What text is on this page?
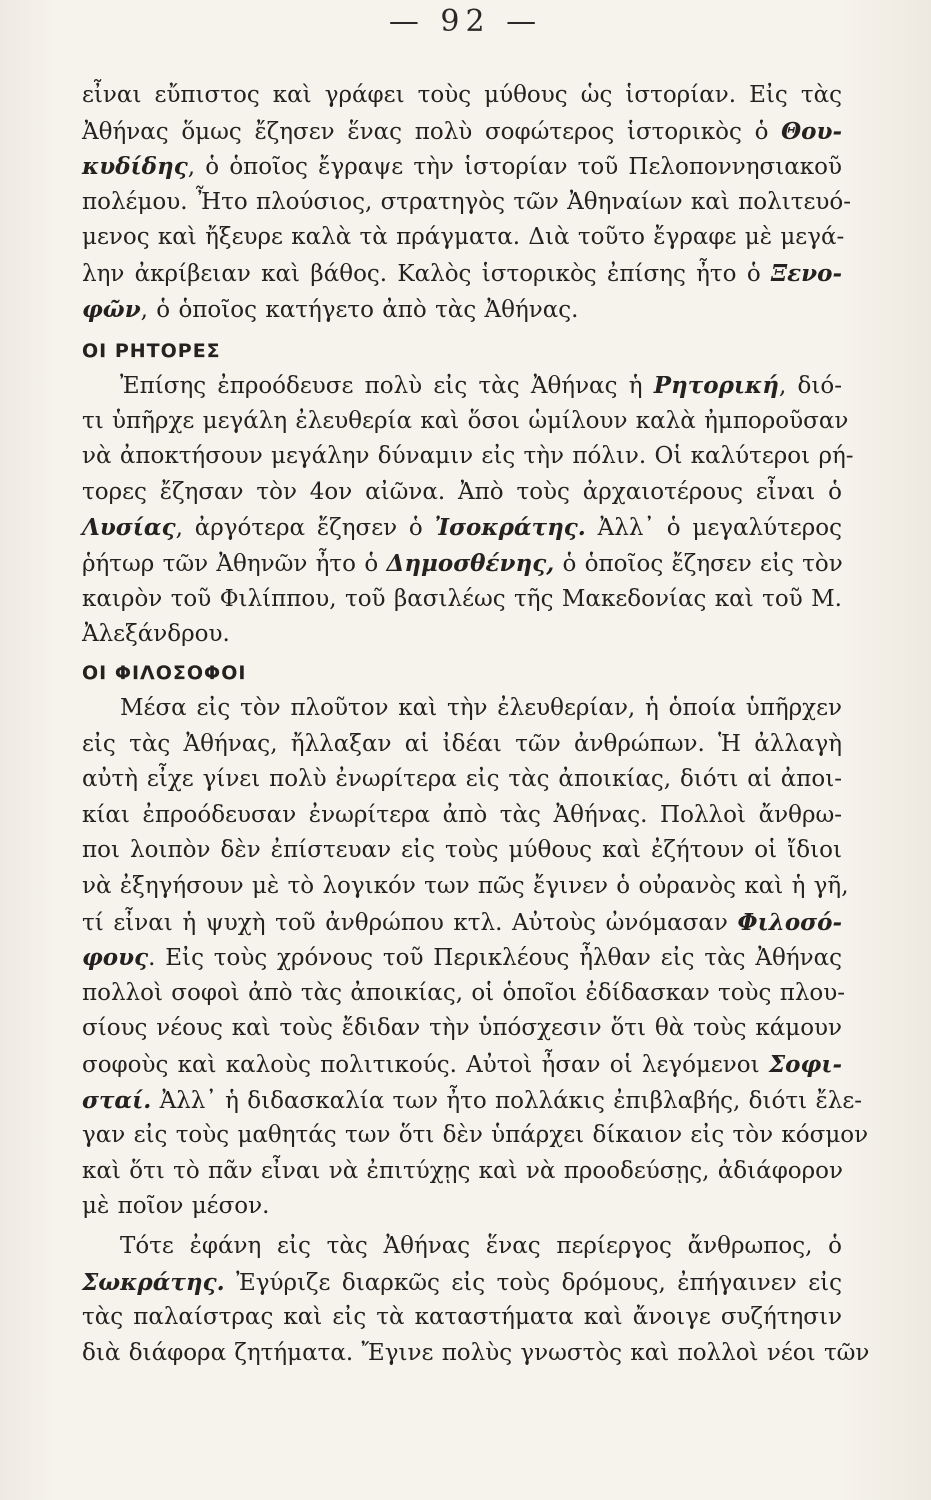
— 92 —
εἶναι εὔπιστος καὶ γράφει τοὺς μύθους ὡς ἱστορίαν. Εἰς τὰς
Ἀθήνας ὅμως ἔζησεν ἕνας πολὺ σοφώτερος ἱστορικὸς ὁ Θου-
κυδίδης, ὁ ὁποῖος ἔγραψε τὴν ἱστορίαν τοῦ Πελοποννησιακοῦ
πολέμου. Ἦτο πλούσιος, στρατηγὸς τῶν Ἀθηναίων καὶ πολιτευό-
μενος καὶ ἤξευρε καλὰ τὰ πράγματα. Διὰ τοῦτο ἔγραφε μὲ μεγά-
λην ἀκρίβειαν καὶ βάθος. Καλὸς ἱστορικὸς ἐπίσης ἦτο ὁ Ξενο-
φῶν, ὁ ὁποῖος κατήγετο ἀπὸ τὰς Ἀθήνας.
ΟΙ ΡΗΤΟΡΕΣ
Ἐπίσης ἐπροόδευσε πολὺ εἰς τὰς Ἀθήνας ἡ Ρητορική, διό-
τι ὑπῆρχε μεγάλη ἐλευθερία καὶ ὅσοι ὡμίλουν καλὰ ἠμποροῦσαν
νὰ ἀποκτήσουν μεγάλην δύναμιν εἰς τὴν πόλιν. Οἱ καλύτεροι ρή-
τορες ἔζησαν τὸν 4ον αἰῶνα. Ἀπὸ τοὺς ἀρχαιοτέρους εἶναι ὁ
Λυσίας, ἀργότερα ἔζησεν ὁ Ἰσοκράτης. Ἀλλ᾽ ὁ μεγαλύτερος
ῥήτωρ τῶν Ἀθηνῶν ἦτο ὁ Δημοσθένης, ὁ ὁποῖος ἔζησεν εἰς τὸν
καιρὸν τοῦ Φιλίππου, τοῦ βασιλέως τῆς Μακεδονίας καὶ τοῦ Μ.
Ἀλεξάνδρου.
ΟΙ ΦΙΛΟΣΟΦΟΙ
Μέσα εἰς τὸν πλοῦτον καὶ τὴν ἐλευθερίαν, ἡ ὁποία ὑπῆρχεν
εἰς τὰς Ἀθήνας, ἤλλαξαν αἱ ἰδέαι τῶν ἀνθρώπων. Ἡ ἀλλαγὴ
αὐτὴ εἶχε γίνει πολὺ ἐνωρίτερα εἰς τὰς ἀποικίας, διότι αἱ ἀποι-
κίαι ἐπροόδευσαν ἐνωρίτερα ἀπὸ τὰς Ἀθήνας. Πολλοὶ ἄνθρω-
ποι λοιπὸν δὲν ἐπίστευαν εἰς τοὺς μύθους καὶ ἐζήτουν οἱ ἴδιοι
νὰ ἐξηγήσουν μὲ τὸ λογικόν των πῶς ἔγινεν ὁ οὐρανὸς καὶ ἡ γῆ,
τί εἶναι ἡ ψυχὴ τοῦ ἀνθρώπου κτλ. Αὐτοὺς ὠνόμασαν Φιλοσό-
φους. Εἰς τοὺς χρόνους τοῦ Περικλέους ἦλθαν εἰς τὰς Ἀθήνας
πολλοὶ σοφοὶ ἀπὸ τὰς ἀποικίας, οἱ ὁποῖοι ἐδίδασκαν τοὺς πλου-
σίους νέους καὶ τοὺς ἔδιδαν τὴν ὑπόσχεσιν ὅτι θὰ τοὺς κάμουν
σοφοὺς καὶ καλοὺς πολιτικούς. Αὐτοὶ ἦσαν οἱ λεγόμενοι Σοφι-
σταί. Ἀλλ᾽ ἡ διδασκαλία των ἦτο πολλάκις ἐπιβλαβής, διότι ἔλε-
γαν εἰς τοὺς μαθητάς των ὅτι δὲν ὑπάρχει δίκαιον εἰς τὸν κόσμον
καὶ ὅτι τὸ πᾶν εἶναι νὰ ἐπιτύχῃς καὶ νὰ προοδεύσῃς, ἀδιάφορον
μὲ ποῖον μέσον.
Τότε ἐφάνη εἰς τὰς Ἀθήνας ἕνας περίεργος ἄνθρωπος, ὁ
Σωκράτης. Ἐγύριζε διαρκῶς εἰς τοὺς δρόμους, ἐπήγαινεν εἰς
τὰς παλαίστρας καὶ εἰς τὰ καταστήματα καὶ ἄνοιγε συζήτησιν
διὰ διάφορα ζητήματα. Ἔγινε πολὺς γνωστὸς καὶ πολλοὶ νέοι τῶν
